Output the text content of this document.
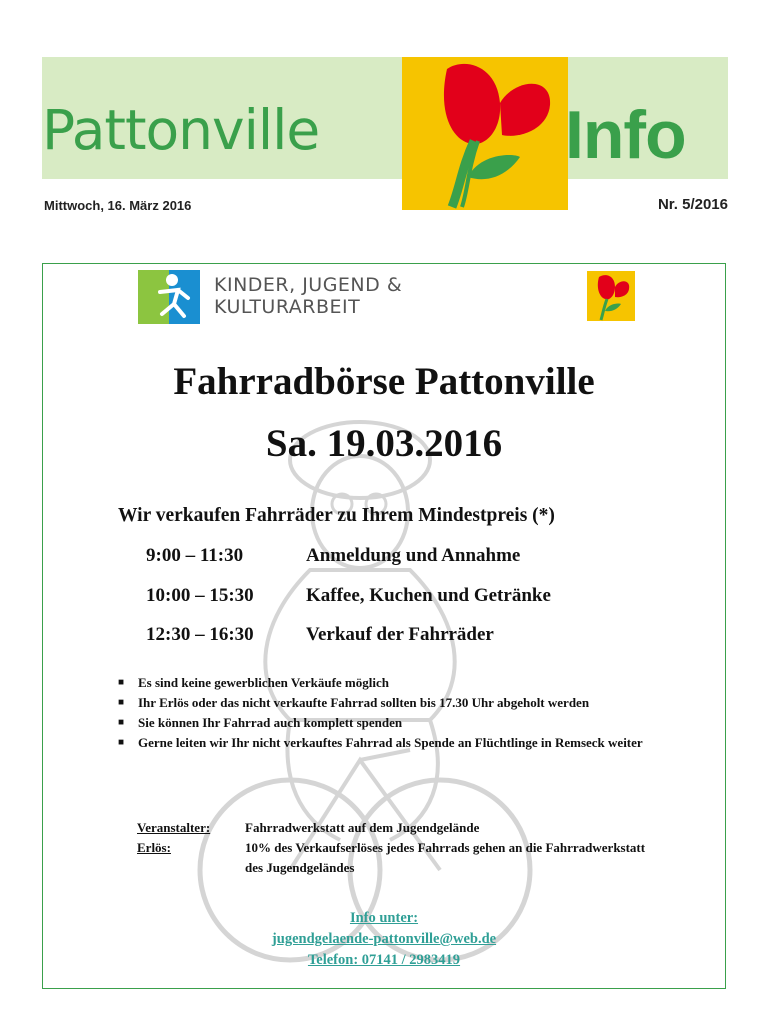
Pattonville	Info
Mittwoch, 16. März 2016	Nr. 5/2016
KINDER, JUGEND &
KULTURARBEIT
Fahrradbörse Pattonville
Sa. 19.03.2016
Wir verkaufen Fahrräder zu Ihrem Mindestpreis (*)
9:00 – 11:30	Anmeldung und Annahme
10:00 – 15:30	Kaffee, Kuchen und Getränke
12:30 – 16:30	Verkauf der Fahrräder
■	Es sind keine gewerblichen Verkäufe möglich
■	Ihr Erlös oder das nicht verkaufte Fahrrad sollten bis 17.30 Uhr abgeholt werden
■	Sie können Ihr Fahrrad auch komplett spenden
■	Gerne leiten wir Ihr nicht verkauftes Fahrrad als Spende an Flüchtlinge in Remseck weiter
Veranstalter:	Fahrradwerkstatt auf dem Jugendgelände
Erlös:	10% des Verkaufserlöses jedes Fahrrads gehen an die Fahrradwerkstatt des Jugendgeländes
Info unter:
jugendgelaende-pattonville@web.de
Telefon: 07141 / 2983419
